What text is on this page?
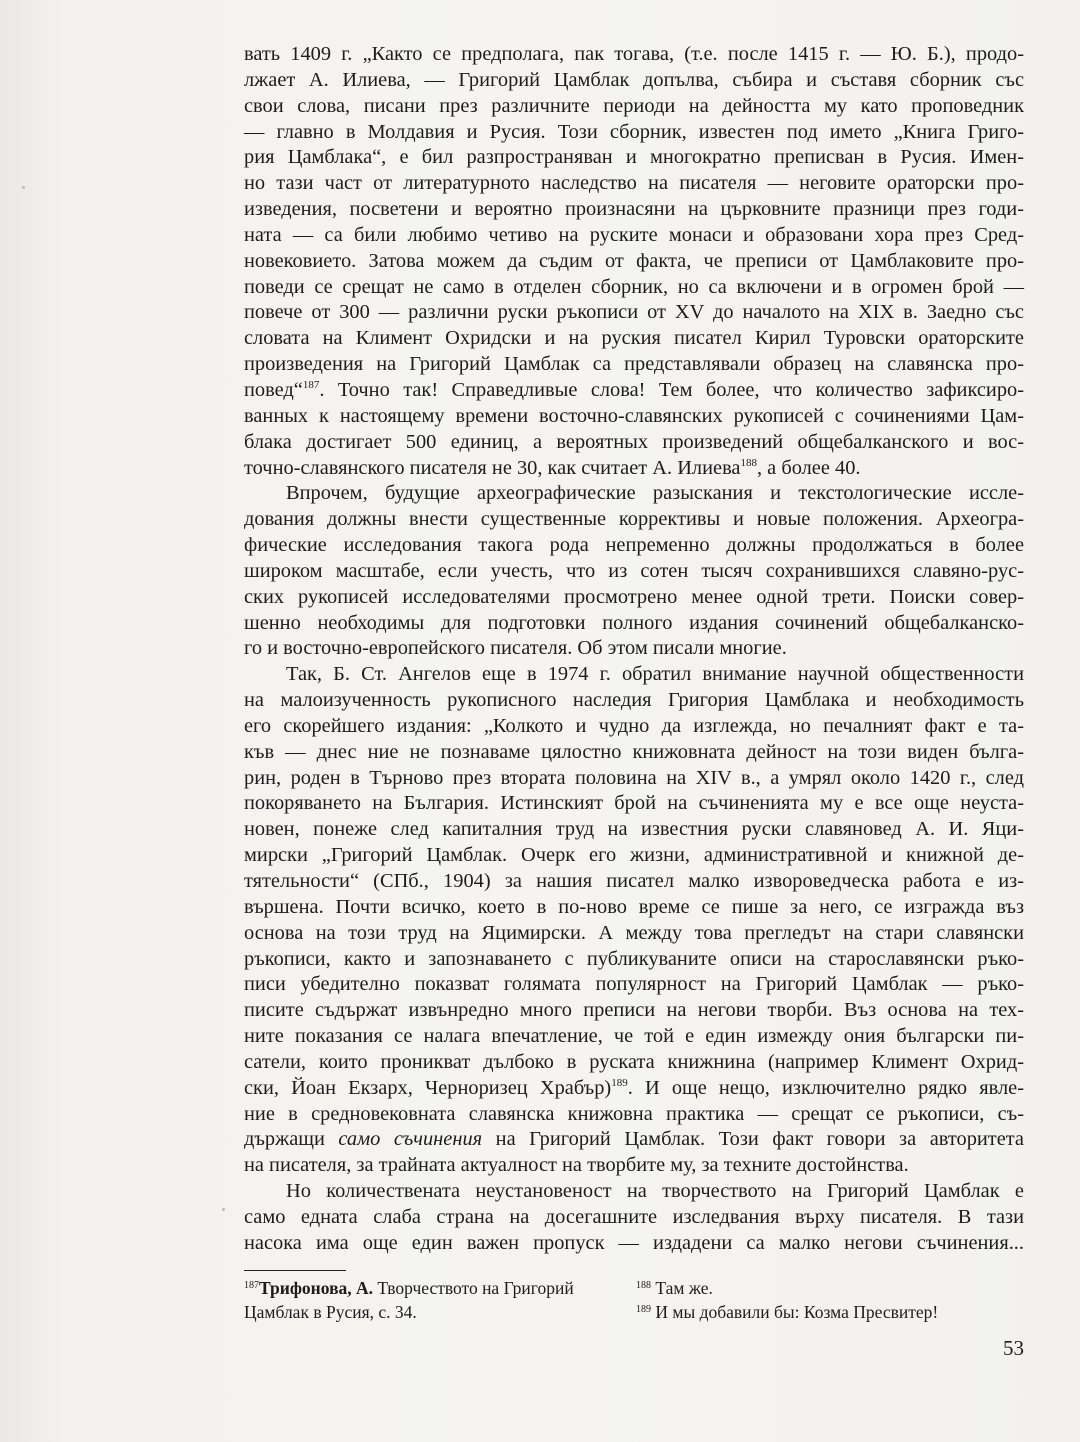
вать 1409 г. „Както се предполага, пак тогава, (т.е. после 1415 г. — Ю. Б.), продо-
лжает А. Илиева, — Григорий Цамблак допълва, събира и съставя сборник със
свои слова, писани през различните периоди на дейността му като проповедник
— главно в Молдавия и Русия. Този сборник, известен под името „Книга Григо-
рия Цамблака“, е бил разпространяван и многократно преписван в Русия. Имен-
но тази част от литературното наследство на писателя — неговите ораторски про-
изведения, посветени и вероятно произнасяни на църковните празници през годи-
ната — са били любимо четиво на руските монаси и образовани хора през Сред-
новековието. Затова можем да съдим от факта, че преписи от Цамблаковите про-
поведи се срещат не само в отделен сборник, но са включени и в огромен брой —
повече от 300 — различни руски ръкописи от XV до началото на XIX в. Заедно със
словата на Климент Охридски и на руския писател Кирил Туровски ораторските
произведения на Григорий Цамблак са представлявали образец на славянска про-
повед“$^{187}$. Точно так! Справедливые слова! Тем более, что количество зафиксиро-
ванных к настоящему времени восточно-славянских рукописей с сочинениями Цам-
блака достигает 500 единиц, а вероятных произведений общебалканского и вос-
точно-славянского писателя не 30, как считает А. Илиева$^{188}$, а более 40.
Впрочем, будущие археографические разыскания и текстологические иссле-
дования должны внести существенные коррективы и новые положения. Археогра-
фические исследования такога рода непременно должны продолжаться в более
широком масштабе, если учесть, что из сотен тысяч сохранившихся славяно-рус-
ских рукописей исследователями просмотрено менее одной трети. Поиски совер-
шенно необходимы для подготовки полного издания сочинений общебалканско-
го и восточно-европейского писателя. Об этом писали многие.
Так, Б. Ст. Ангелов еще в 1974 г. обратил внимание научной общественности
на малоизученность рукописного наследия Григория Цамблака и необходимость
его скорейшего издания: „Колкото и чудно да изглежда, но печалният факт е та-
къв — днес ние не познаваме цялостно книжовната дейност на този виден бълга-
рин, роден в Търново през втората половина на XIV в., а умрял около 1420 г., след
покоряването на България. Истинският брой на съчиненията му е все още неуста-
новен, понеже след капиталния труд на известния руски славяновед А. И. Яци-
мирски „Григорий Цамблак. Очерк его жизни, административной и книжной де-
тятельности“ (СПб., 1904) за нашия писател малко изворoведческа работа е из-
вършена. Почти всичко, което в по-ново време се пише за него, се изгражда въз
основа на този труд на Яцимирски. А между това прегледът на стари славянски
ръкописи, както и запознаването с публикуваните описи на старославянски ръко-
писи убедително показват голямата популярност на Григорий Цамблак — ръко-
писите съдържат извънредно много преписи на негови творби. Въз основа на тех-
ните показания се налага впечатление, че той е един измежду ония български пи-
сатели, които проникват дълбоко в руската книжнина (например Климент Охрид-
ски, Йоан Екзарх, Черноризец Храбър)$^{189}$. И още нещо, изключително рядко явле-
ние в средновековната славянска книжовна практика — срещат се ръкописи, съ-
държащи само съчинения на Григорий Цамблак. Този факт говори за авторитета
на писателя, за трайната актуалност на творбите му, за техните достойнства.
Но количествената неустановеност на творчеството на Григорий Цамблак е
само едната слаба страна на досегашните изследвания върху писателя. В тази
насока има още един важен пропуск — издадени са малко негови съчинения...
$^{187}$Трифонова, А. Творчеството на Григорий
Цамблак в Русия, с. 34.
$^{188}$ Там же.
$^{189}$ И мы добавили бы: Козма Пресвитер!
53
